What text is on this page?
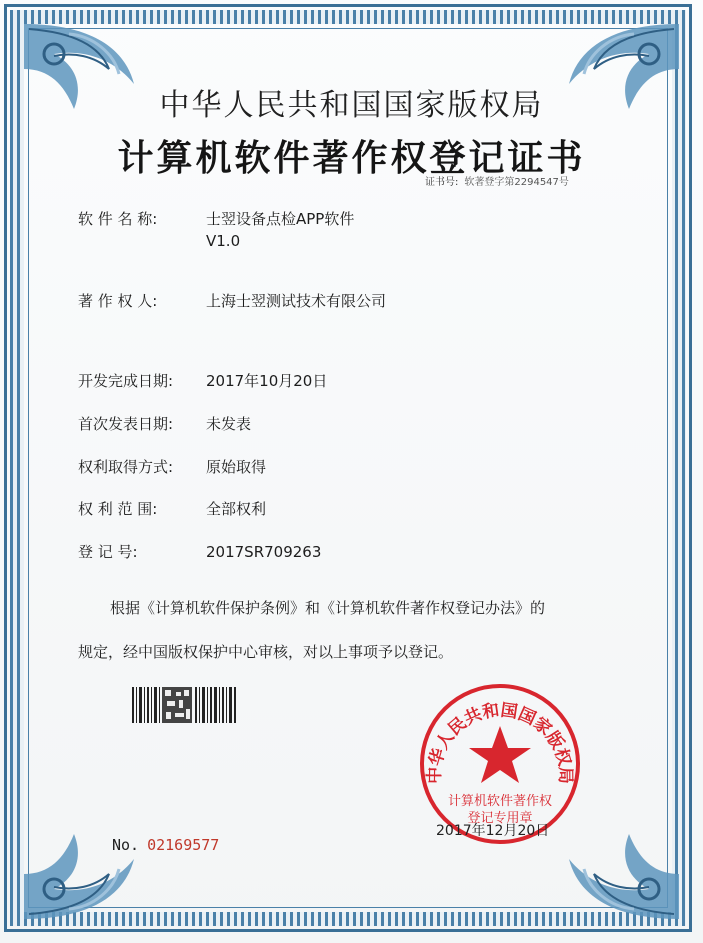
中华人民共和国国家版权局
计算机软件著作权登记证书
证书号: 软著登字第2294547号
软 件 名 称:	士翌设备点检APP软件
V1.0
著 作 权 人:	上海士翌测试技术有限公司
开发完成日期: 2017年10月20日
首次发表日期: 未发表
权利取得方式: 原始取得
权 利 范 围:	全部权利
登 记 号:	2017SR709263
根据《计算机软件保护条例》和《计算机软件著作权登记办法》的
规定，经中国版权保护中心审核，对以上事项予以登记。
中华人民共和国国家版权局
计算机软件著作权
登记专用章
2017年12月20日
No. 02169577
